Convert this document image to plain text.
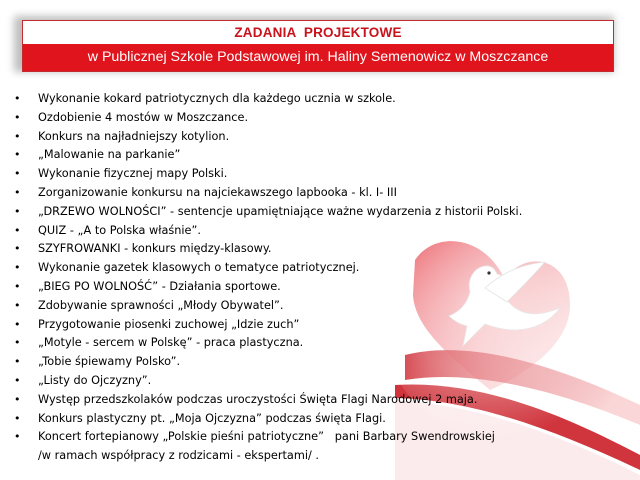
ZADANIA  PROJEKTOWE
w Publicznej Szkole Podstawowej im. Haliny Semenowicz w Moszczance
• Wykonanie kokard patriotycznych dla każdego ucznia w szkole.
• Ozdobienie 4 mostów w Moszczance.
• Konkurs na najładniejszy kotylion.
• „Malowanie na parkanie”
• Wykonanie fizycznej mapy Polski.
• Zorganizowanie konkursu na najciekawszego lapbooka - kl. I- III
• „DRZEWO WOLNOŚCI” - sentencje upamiętniające ważne wydarzenia z historii Polski.
• QUIZ - „A to Polska właśnie”.
• SZYFROWANKI - konkurs między-klasowy.
• Wykonanie gazetek klasowych o tematyce patriotycznej.
• „BIEG PO WOLNOŚĆ” - Działania sportowe.
• Zdobywanie sprawności „Młody Obywatel”.
• Przygotowanie piosenki zuchowej „Idzie zuch”
• „Motyle - sercem w Polskę” - praca plastyczna.
• „Tobie śpiewamy Polsko”.
• „Listy do Ojczyzny”.
• Występ przedszkolaków podczas uroczystości Święta Flagi Narodowej 2 maja.
• Konkurs plastyczny pt. „Moja Ojczyzna” podczas święta Flagi.
• Koncert fortepianowy „Polskie pieśni patriotyczne”   pani Barbary Swendrowskiej
/w ramach współpracy z rodzicami - ekspertami/ .
